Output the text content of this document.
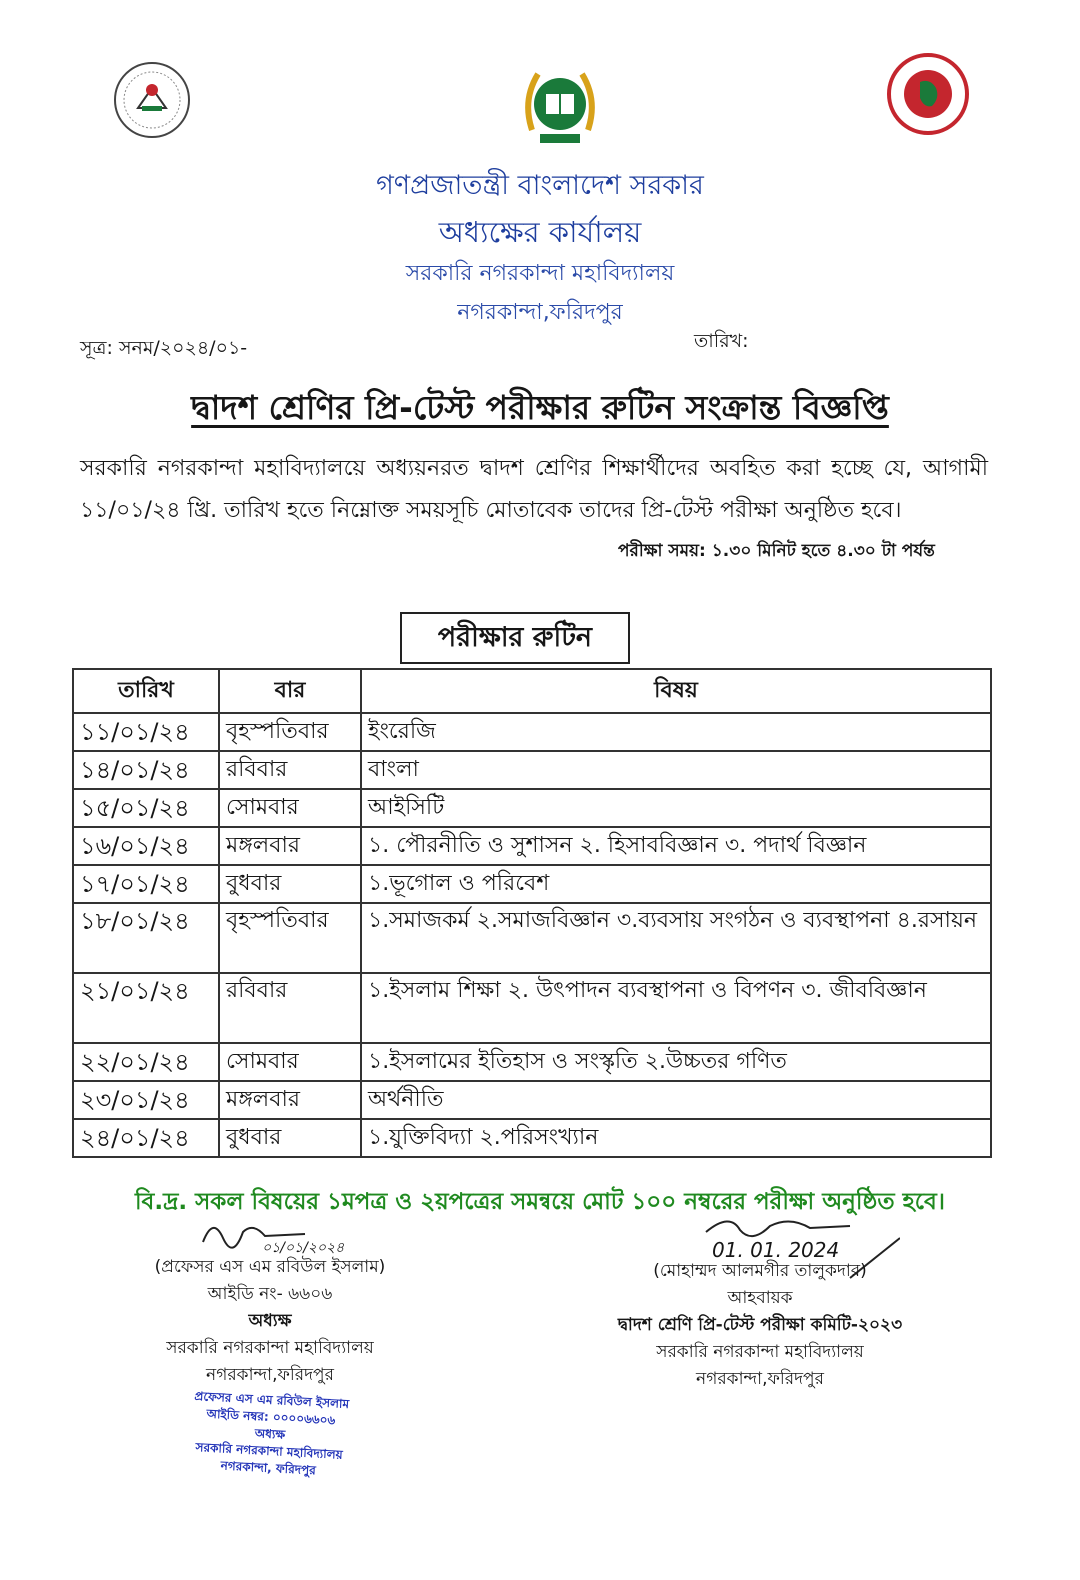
গণপ্রজাতন্ত্রী বাংলাদেশ সরকার
অধ্যক্ষের কার্যালয়
সরকারি নগরকান্দা মহাবিদ্যালয়
নগরকান্দা,ফরিদপুর
সূত্র: সনম/২০২৪/০১-	তারিখ:
দ্বাদশ শ্রেণির প্রি-টেস্ট পরীক্ষার রুটিন সংক্রান্ত বিজ্ঞপ্তি
সরকারি নগরকান্দা মহাবিদ্যালয়ে অধ্যয়নরত দ্বাদশ শ্রেণির শিক্ষার্থীদের অবহিত করা হচ্ছে যে, আগামী ১১/০১/২৪ খ্রি. তারিখ হতে নিম্নোক্ত সময়সূচি মোতাবেক তাদের প্রি-টেস্ট পরীক্ষা অনুষ্ঠিত হবে।
পরীক্ষা সময়: ১.৩০ মিনিট হতে ৪.৩০ টা পর্যন্ত
পরীক্ষার রুটিন
তারিখ	বার	বিষয়
১১/০১/২৪	বৃহস্পতিবার	ইংরেজি
১৪/০১/২৪	রবিবার	বাংলা
১৫/০১/২৪	সোমবার	আইসিটি
১৬/০১/২৪	মঙ্গলবার	১. পৌরনীতি ও সুশাসন ২. হিসাববিজ্ঞান ৩. পদার্থ বিজ্ঞান
১৭/০১/২৪	বুধবার	১.ভূগোল ও পরিবেশ
১৮/০১/২৪	বৃহস্পতিবার	১.সমাজকর্ম ২.সমাজবিজ্ঞান ৩.ব্যবসায় সংগঠন ও ব্যবস্থাপনা ৪.রসায়ন
২১/০১/২৪	রবিবার	১.ইসলাম শিক্ষা ২. উৎপাদন ব্যবস্থাপনা ও বিপণন ৩. জীববিজ্ঞান
২২/০১/২৪	সোমবার	১.ইসলামের ইতিহাস ও সংস্কৃতি ২.উচ্চতর গণিত
২৩/০১/২৪	মঙ্গলবার	অর্থনীতি
২৪/০১/২৪	বুধবার	১.যুক্তিবিদ্যা ২.পরিসংখ্যান
বি.দ্র. সকল বিষয়ের ১মপত্র ও ২য়পত্রের সমন্বয়ে মোট ১০০ নম্বরের পরীক্ষা অনুষ্ঠিত হবে।
০১/০১/২০২৪
(প্রফেসর এস এম রবিউল ইসলাম)
আইডি নং- ৬৬০৬
অধ্যক্ষ
সরকারি নগরকান্দা মহাবিদ্যালয়
নগরকান্দা,ফরিদপুর
প্রফেসর এস এম রবিউল ইসলাম
আইডি নম্বর: ০০০০৬৬০৬
অধ্যক্ষ
সরকারি নগরকান্দা মহাবিদ্যালয়
নগরকান্দা, ফরিদপুর
01. 01. 2024
(মোহাম্মদ আলমগীর তালুকদার)
আহবায়ক
দ্বাদশ শ্রেণি প্রি-টেস্ট পরীক্ষা কমিটি-২০২৩
সরকারি নগরকান্দা মহাবিদ্যালয়
নগরকান্দা,ফরিদপুর
